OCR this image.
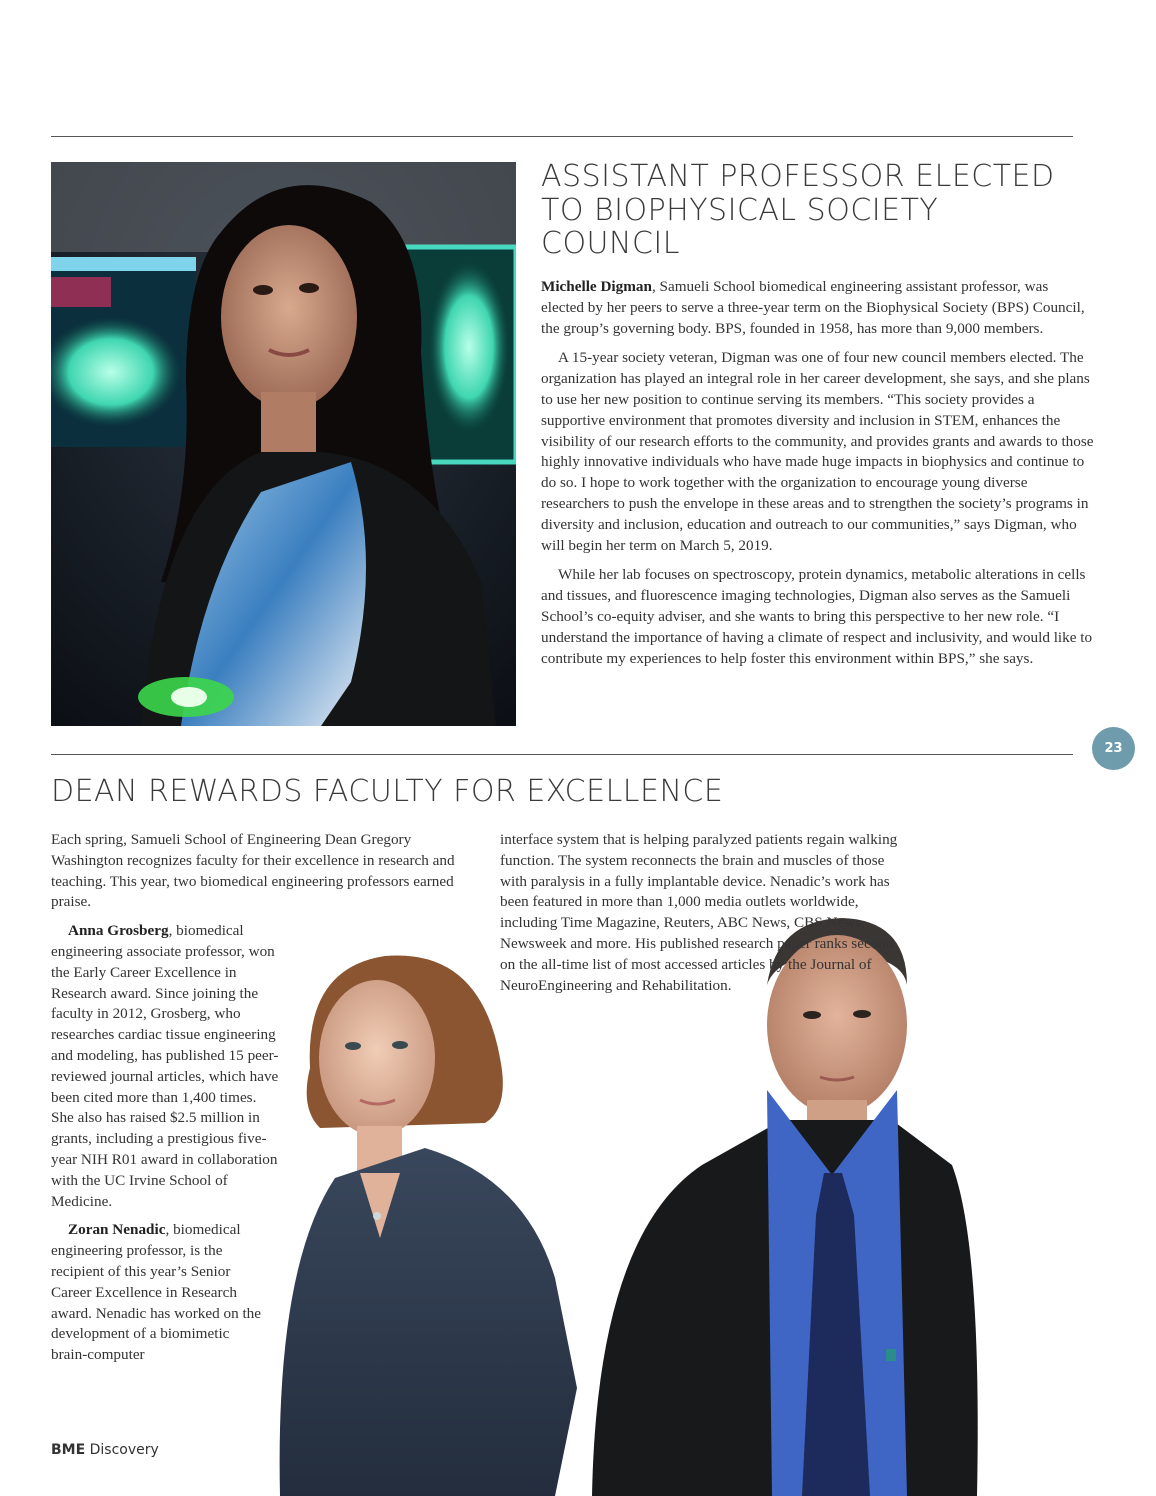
ASSISTANT PROFESSOR ELECTED TO BIOPHYSICAL SOCIETY COUNCIL

Michelle Digman, Samueli School biomedical engineering assistant professor, was elected by her peers to serve a three-year term on the Biophysical Society (BPS) Council, the group’s governing body. BPS, founded in 1958, has more than 9,000 members.

A 15-year society veteran, Digman was one of four new council members elected. The organization has played an integral role in her career development, she says, and she plans to use her new position to continue serving its members. “This society provides a supportive environment that promotes diversity and inclusion in STEM, enhances the visibility of our research efforts to the community, and provides grants and awards to those highly innovative individuals who have made huge impacts in biophysics and continue to do so. I hope to work together with the organization to encourage young diverse researchers to push the envelope in these areas and to strengthen the society’s programs in diversity and inclusion, education and outreach to our communities,” says Digman, who will begin her term on March 5, 2019.

While her lab focuses on spectroscopy, protein dynamics, metabolic alterations in cells and tissues, and fluorescence imaging technologies, Digman also serves as the Samueli School’s co-equity adviser, and she wants to bring this perspective to her new role. “I understand the importance of having a climate of respect and inclusivity, and would like to contribute my experiences to help foster this environment within BPS,” she says.

23
DEAN REWARDS FACULTY FOR EXCELLENCE

Each spring, Samueli School of Engineering Dean Gregory Washington recognizes faculty for their excellence in research and teaching. This year, two biomedical engineering professors earned praise.

Anna Grosberg, biomedical engineering associate professor, won the Early Career Excellence in Research award. Since joining the faculty in 2012, Grosberg, who researches cardiac tissue engineering and modeling, has published 15 peer-reviewed journal articles, which have been cited more than 1,400 times. She also has raised $2.5 million in grants, including a prestigious five-year NIH R01 award in collaboration with the UC Irvine School of Medicine.

Zoran Nenadic, biomedical engineering professor, is the recipient of this year’s Senior Career Excellence in Research award. Nenadic has worked on the development of a biomimetic brain-computer

interface system that is helping paralyzed patients regain walking function. The system reconnects the brain and muscles of those with paralysis in a fully implantable device. Nenadic’s work has been featured in more than 1,000 media outlets worldwide, including Time Magazine, Reuters, ABC News, CBS News, Newsweek and more. His published research paper ranks second on the all-time list of most accessed articles by the Journal of NeuroEngineering and Rehabilitation.

BME Discovery
